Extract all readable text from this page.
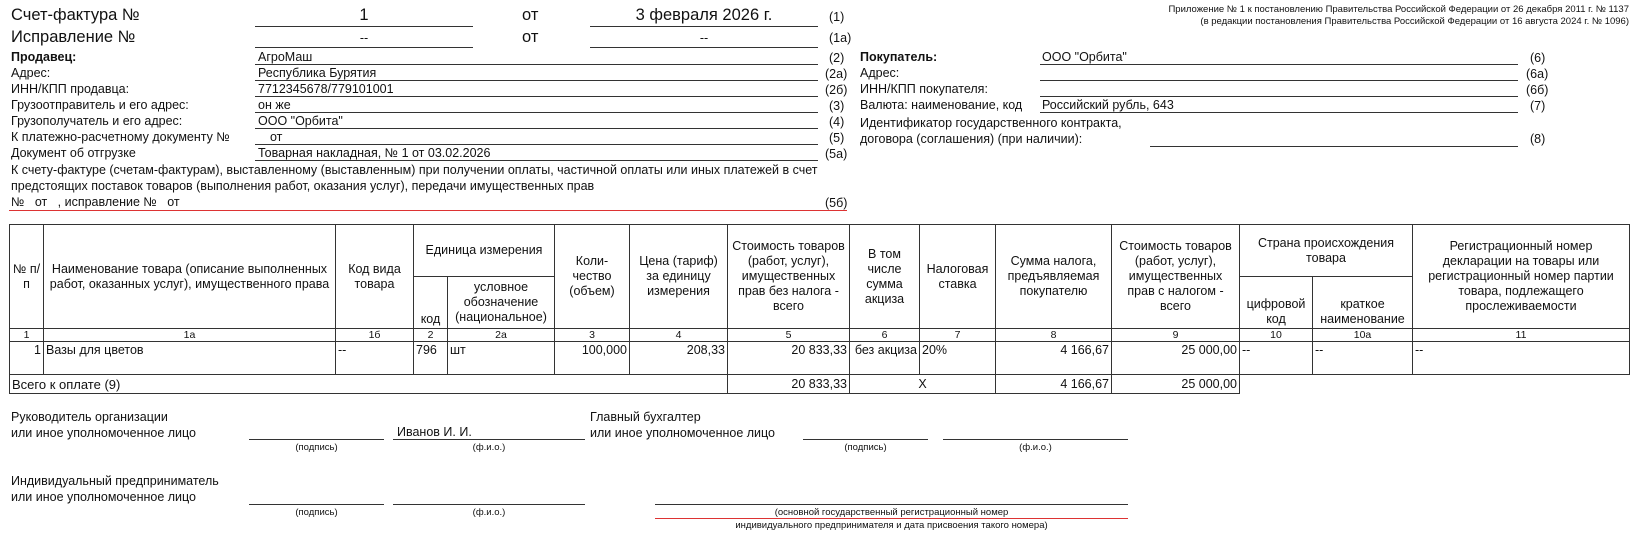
Счет-фактура №	1	от	3 февраля 2026 г.	(1)
Исправление №	--	от	--	(1а)
Приложение № 1 к постановлению Правительства Российской Федерации от 26 декабря 2011 г. № 1137
(в редакции постановления Правительства Российской Федерации от 16 августа 2024 г. № 1096)
Продавец:	АгроМаш	(2)
Адрес:	Республика Бурятия	(2а)
ИНН/КПП продавца:	7712345678/779101001	(2б)
Грузоотправитель и его адрес:	он же	(3)
Грузополучатель и его адрес:	ООО "Орбита"	(4)
К платежно-расчетному документу №	от	(5)
Документ об отгрузке	Товарная накладная, № 1 от 03.02.2026	(5а)
К счету-фактуре (счетам-фактурам), выставленному (выставленным) при получении оплаты, частичной оплаты или иных платежей в счет
предстоящих поставок товаров (выполнения работ, оказания услуг), передачи имущественных прав
№   от   , исправление №   от	(5б)
Покупатель:	ООО "Орбита"	(6)
Адрес:	(6а)
ИНН/КПП покупателя:	(6б)
Валюта: наименование, код Российский рубль, 643	(7)
Идентификатор государственного контракта,
договора (соглашения) (при наличии):	(8)
№ п/п	Наименование товара (описание выполненных работ, оказанных услуг), имущественного права	Код вида товара	Единица измерения		Коли-чество (объем)	Цена (тариф) за единицу измерения	Стоимость товаров (работ, услуг), имущественных прав без налога - всего	В том числе сумма акциза	Налоговая ставка	Сумма налога, предъявляемая покупателю	Стоимость товаров (работ, услуг), имущественных прав с налогом - всего	Страна происхождения товара		Регистрационный номер декларации на товары или регистрационный номер партии товара, подлежащего прослеживаемости
			код	условное обозначение (национальное)								цифровой код	краткое наименование	
1	1а	1б	2	2а	3	4	5	6	7	8	9	10	10а	11
1	Вазы для цветов	--	796	шт	100,000	208,33	20 833,33	без акциза	20%	4 166,67	25 000,00	--	--	--
Всего к оплате (9)							20 833,33	Х		4 166,67	25 000,00			
Руководитель организации
или иное уполномоченное лицо
(подпись)
Иванов И. И.
(ф.и.о.)
Главный бухгалтер
или иное уполномоченное лицо
(подпись)	(ф.и.о.)
Индивидуальный предприниматель
или иное уполномоченное лицо
(подпись)	(ф.и.о.)	(основной государственный регистрационный номер
индивидуального предпринимателя и дата присвоения такого номера)
